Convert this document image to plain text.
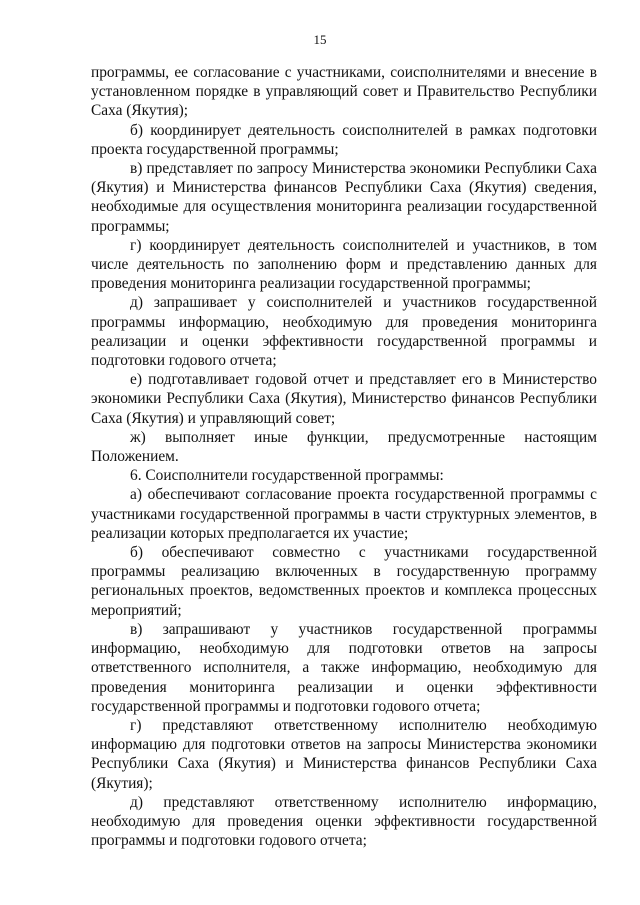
15

программы, ее согласование с участниками, соисполнителями и внесение в установленном порядке в управляющий совет и Правительство Республики Саха (Якутия);

б) координирует деятельность соисполнителей в рамках подготовки проекта государственной программы;

в) представляет по запросу Министерства экономики Республики Саха (Якутия) и Министерства финансов Республики Саха (Якутия) сведения, необходимые для осуществления мониторинга реализации государственной программы;

г) координирует деятельность соисполнителей и участников, в том числе деятельность по заполнению форм и представлению данных для проведения мониторинга реализации государственной программы;

д) запрашивает у соисполнителей и участников государственной программы информацию, необходимую для проведения мониторинга реализации и оценки эффективности государственной программы и подготовки годового отчета;

е) подготавливает годовой отчет и представляет его в Министерство экономики Республики Саха (Якутия), Министерство финансов Республики Саха (Якутия) и управляющий совет;

ж) выполняет иные функции, предусмотренные настоящим Положением.

6. Соисполнители государственной программы:

а) обеспечивают согласование проекта государственной программы с участниками государственной программы в части структурных элементов, в реализации которых предполагается их участие;

б) обеспечивают совместно с участниками государственной программы реализацию включенных в государственную программу региональных проектов, ведомственных проектов и комплекса процессных мероприятий;

в) запрашивают у участников государственной программы информацию, необходимую для подготовки ответов на запросы ответственного исполнителя, а также информацию, необходимую для проведения мониторинга реализации и оценки эффективности государственной программы и подготовки годового отчета;

г) представляют ответственному исполнителю необходимую информацию для подготовки ответов на запросы Министерства экономики Республики Саха (Якутия) и Министерства финансов Республики Саха (Якутия);

д) представляют ответственному исполнителю информацию, необходимую для проведения оценки эффективности государственной программы и подготовки годового отчета;
